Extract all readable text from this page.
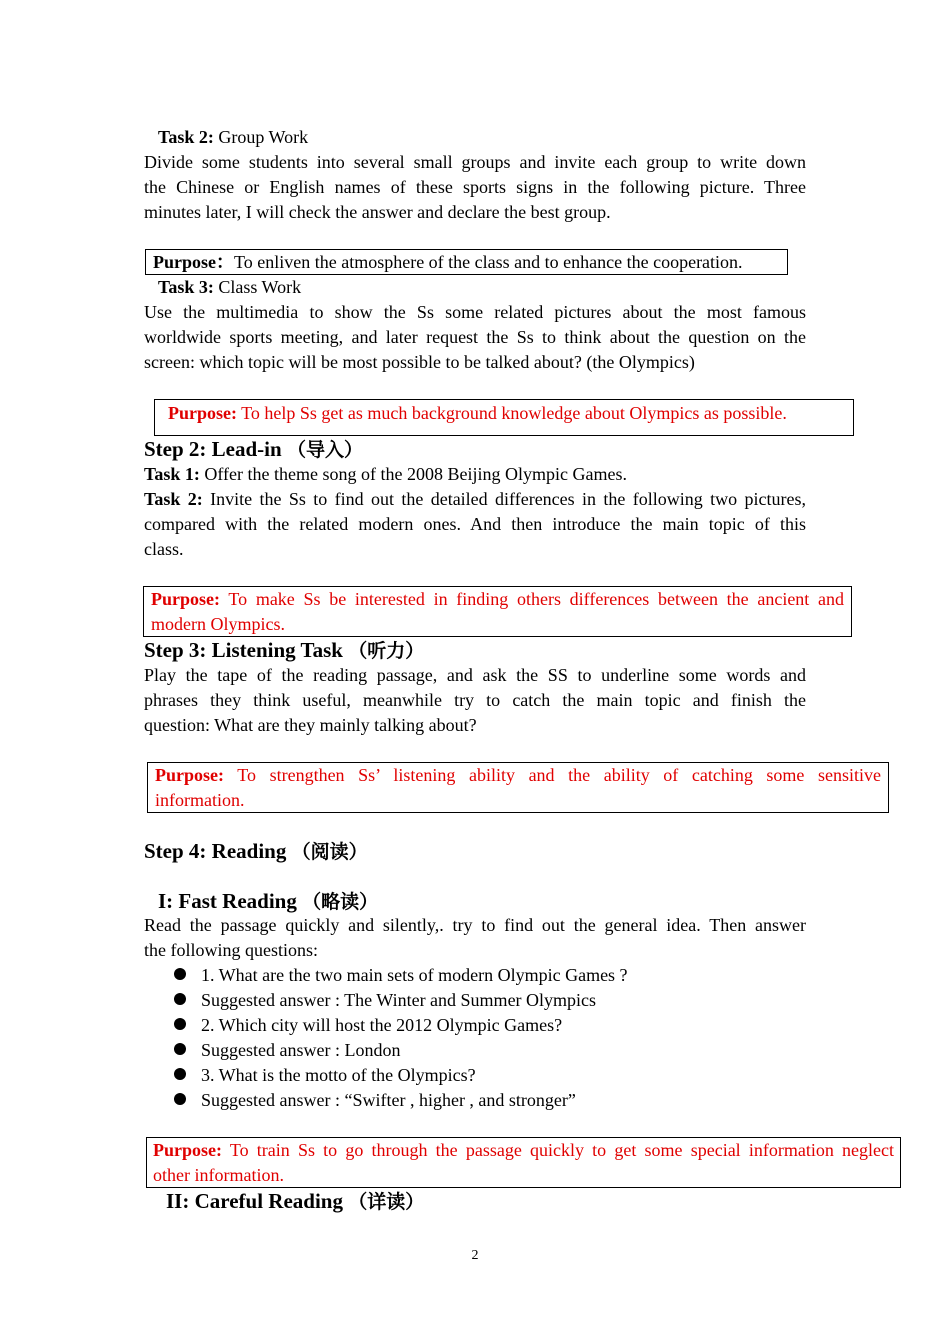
Task 2: Group Work
Divide some students into several small groups and invite each group to write down
the Chinese or English names of these sports signs in the following picture. Three
minutes later, I will check the answer and declare the best group.
Purpose：To enliven the atmosphere of the class and to enhance the cooperation.
Task 3: Class Work
Use the multimedia to show the Ss some related pictures about the most famous
worldwide sports meeting, and later request the Ss to think about the question on the
screen: which topic will be most possible to be talked about? (the Olympics)
Purpose: To help Ss get as much background knowledge about Olympics as possible.
Step 2: Lead-in （导入）
Task 1: Offer the theme song of the 2008 Beijing Olympic Games.
Task 2: Invite the Ss to find out the detailed differences in the following two pictures,
compared with the related modern ones. And then introduce the main topic of this
class.
Purpose: To make Ss be interested in finding others differences between the ancient and
modern Olympics.
Step 3: Listening Task （听力）
Play the tape of the reading passage, and ask the SS to underline some words and
phrases they think useful, meanwhile try to catch the main topic and finish the
question: What are they mainly talking about?
Purpose: To strengthen Ss’ listening ability and the ability of catching some sensitive
information.
Step 4: Reading （阅读）
I: Fast Reading （略读）
Read the passage quickly and silently,. try to find out the general idea. Then answer
the following questions:
1. What are the two main sets of modern Olympic Games ?
Suggested answer : The Winter and Summer Olympics
2. Which city will host the 2012 Olympic Games?
Suggested answer : London
3. What is the motto of the Olympics?
Suggested answer : “Swifter , higher , and stronger”
Purpose: To train Ss to go through the passage quickly to get some special information neglect
other information.
II: Careful Reading （详读）
2
